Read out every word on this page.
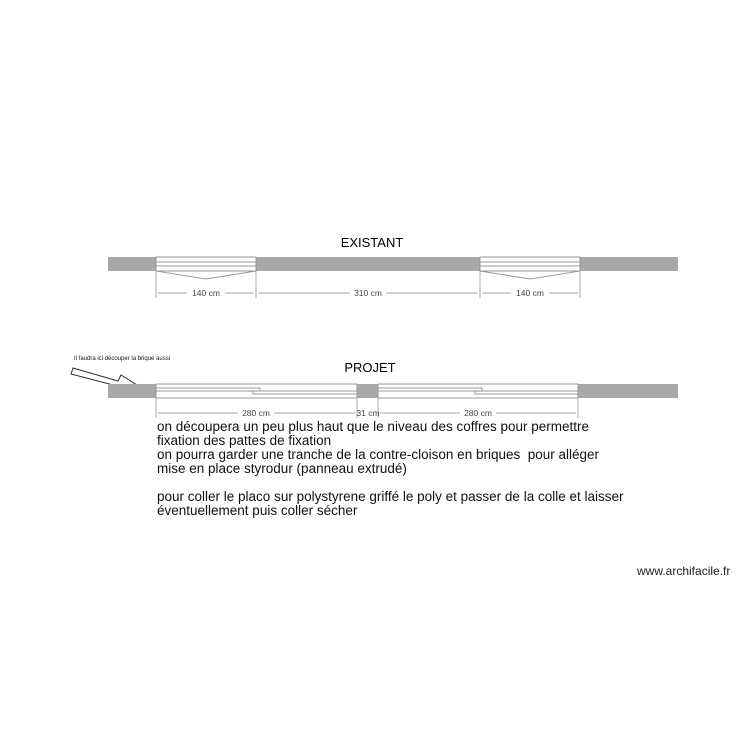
EXISTANT
140 cm	310 cm	140 cm
PROJET
Il faudra ici découper la brique aussi
280 cm	31 cm	280 cm
on découpera un peu plus haut que le niveau des coffres pour permettre
fixation des pattes de fixation
on pourra garder une tranche de la contre-cloison en briques  pour alléger
mise en place styrodur (panneau extrudé)

pour coller le placo sur polystyrene griffé le poly et passer de la colle et laisser
éventuellement puis coller sécher
www.archifacile.fr
